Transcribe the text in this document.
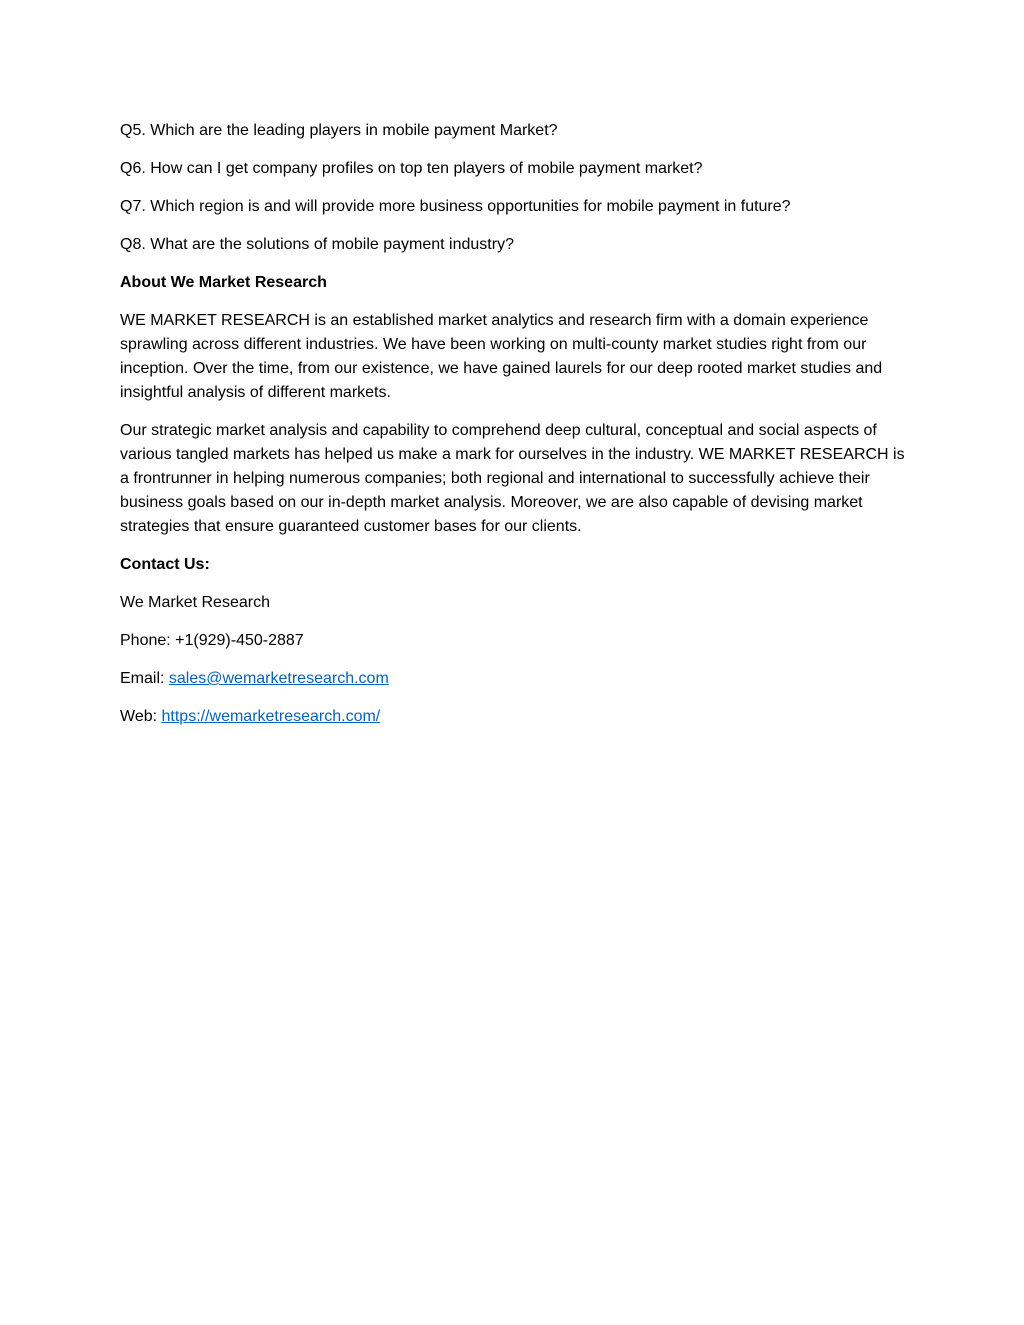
Q5. Which are the leading players in mobile payment Market?

Q6. How can I get company profiles on top ten players of mobile payment market?

Q7. Which region is and will provide more business opportunities for mobile payment in future?

Q8. What are the solutions of mobile payment industry?

About We Market Research

WE MARKET RESEARCH is an established market analytics and research firm with a domain experience sprawling across different industries. We have been working on multi-county market studies right from our inception. Over the time, from our existence, we have gained laurels for our deep rooted market studies and insightful analysis of different markets.

Our strategic market analysis and capability to comprehend deep cultural, conceptual and social aspects of various tangled markets has helped us make a mark for ourselves in the industry. WE MARKET RESEARCH is a frontrunner in helping numerous companies; both regional and international to successfully achieve their business goals based on our in-depth market analysis. Moreover, we are also capable of devising market strategies that ensure guaranteed customer bases for our clients.

Contact Us:

We Market Research

Phone: +1(929)-450-2887

Email: sales@wemarketresearch.com

Web: https://wemarketresearch.com/
